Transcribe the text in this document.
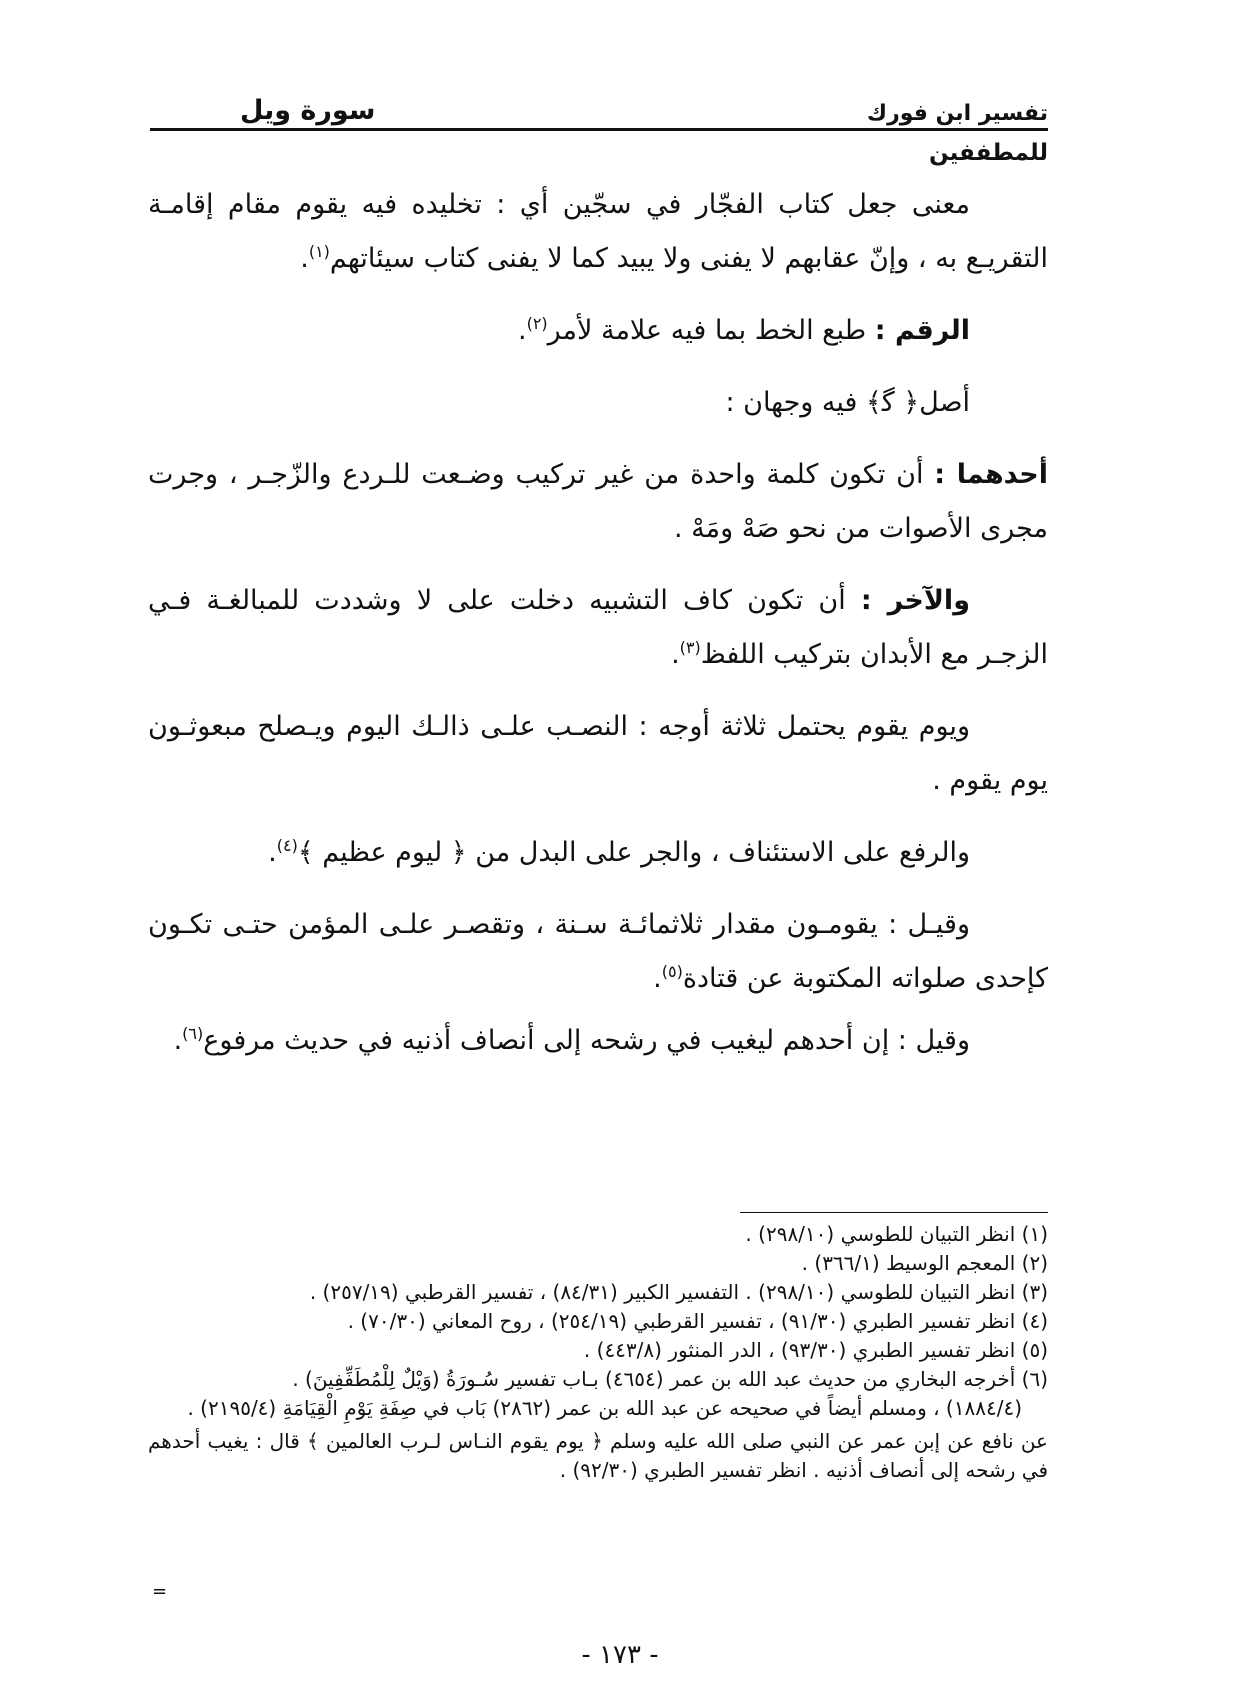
تفسير ابن فورك
سورة ويل
للمطففين

معنى جعل كتاب الفجّار في سجّين أي : تخليده فيه يقوم مقام إقامـة التقريـع به ، وإنّ عقابهم لا يفنى ولا يبيد كما لا يفنى كتاب سيئاتهم$^{(١)}$.

الرقم : طبع الخط بما فيه علامة لأمر$^{(٢)}$.

أصل﴿ ﮔ﴾ فيه وجهان :

أحدهما : أن تكون كلمة واحدة من غير تركيب وضـعت للـردع والزّجـر ، وجرت مجرى الأصوات من نحو صَهْ ومَهْ .

والآخر : أن تكون كاف التشبيه دخلت على لا وشددت للمبالغـة فـي الزجـر مع الأبدان بتركيب اللفظ$^{(٣)}$.

ويوم يقوم يحتمل ثلاثة أوجه : النصـب علـى ذالـك اليوم ويـصلح مبعوثـون يوم يقوم .

والرفع على الاستئناف ، والجر على البدل من ﴿ ليوم عظيم ﴾$^{(٤)}$.

وقيـل : يقومـون مقدار ثلاثمائـة سـنة ، وتقصـر علـى المؤمن حتـى تكـون كإحدى صلواته المكتوبة عن قتادة$^{(٥)}$.

وقيل : إن أحدهم ليغيب في رشحه إلى أنصاف أذنيه في حديث مرفوع$^{(٦)}$.

(١) انظر التبيان للطوسي (٢٩٨/١٠) .

(٢) المعجم الوسيط (٣٦٦/١) .

(٣) انظر التبيان للطوسي (٢٩٨/١٠) . التفسير الكبير (٨٤/٣١) ، تفسير القرطبي (٢٥٧/١٩) .

(٤) انظر تفسير الطبري (٩١/٣٠) ، تفسير القرطبي (٢٥٤/١٩) ، روح المعاني (٧٠/٣٠) .

(٥) انظر تفسير الطبري (٩٣/٣٠) ، الدر المنثور (٤٤٣/٨) .

(٦) أخرجه البخاري من حديث عبد الله بن عمر (٤٦٥٤) بـاب تفسير سُـورَةُ (وَيْلٌ لِلْمُطَفِّفِينَ) .

(١٨٨٤/٤) ، ومسلم أيضاً في صحيحه عن عبد الله بن عمر (٢٨٦٢) بَاب في صِفَةِ يَوْمِ الْقِيَامَةِ (٢١٩٥/٤) .

عن نافع عن إبن عمر عن النبي صلى الله عليه وسلم ﴿ يوم يقوم النـاس لـرب العالمين ﴾ قال : يغيب أحدهم في رشحه إلى أنصاف أذنيه . انظر تفسير الطبري (٩٢/٣٠) .

=
- ١٧٣ -
